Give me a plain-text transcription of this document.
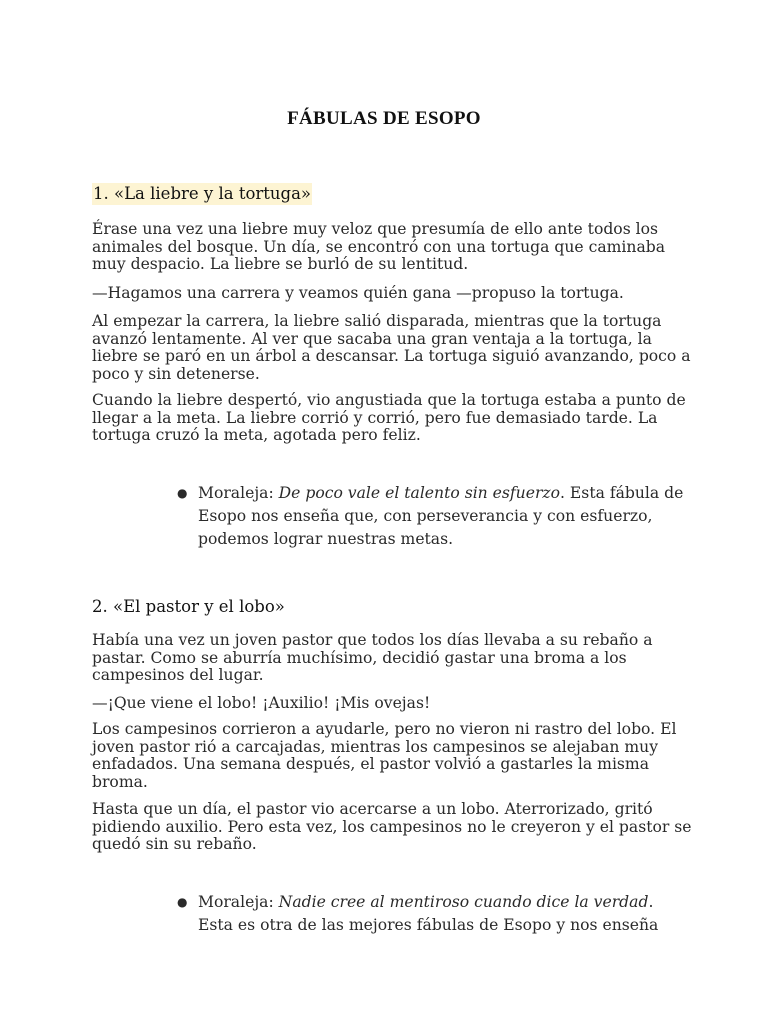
FÁBULAS DE ESOPO
1. «La liebre y la tortuga»

Érase una vez una liebre muy veloz que presumía de ello ante todos los animales del bosque. Un día, se encontró con una tortuga que caminaba muy despacio. La liebre se burló de su lentitud.

—Hagamos una carrera y veamos quién gana —propuso la tortuga.

Al empezar la carrera, la liebre salió disparada, mientras que la tortuga avanzó lentamente. Al ver que sacaba una gran ventaja a la tortuga, la liebre se paró en un árbol a descansar. La tortuga siguió avanzando, poco a poco y sin detenerse.

Cuando la liebre despertó, vio angustiada que la tortuga estaba a punto de llegar a la meta. La liebre corrió y corrió, pero fue demasiado tarde. La tortuga cruzó la meta, agotada pero feliz.

● Moraleja: De poco vale el talento sin esfuerzo. Esta fábula de Esopo nos enseña que, con perseverancia y con esfuerzo, podemos lograr nuestras metas.
2. «El pastor y el lobo»

Había una vez un joven pastor que todos los días llevaba a su rebaño a pastar. Como se aburría muchísimo, decidió gastar una broma a los campesinos del lugar.

—¡Que viene el lobo! ¡Auxilio! ¡Mis ovejas!

Los campesinos corrieron a ayudarle, pero no vieron ni rastro del lobo. El joven pastor rió a carcajadas, mientras los campesinos se alejaban muy enfadados. Una semana después, el pastor volvió a gastarles la misma broma.

Hasta que un día, el pastor vio acercarse a un lobo. Aterrorizado, gritó pidiendo auxilio. Pero esta vez, los campesinos no le creyeron y el pastor se quedó sin su rebaño.

● Moraleja: Nadie cree al mentiroso cuando dice la verdad. Esta es otra de las mejores fábulas de Esopo y nos enseña
